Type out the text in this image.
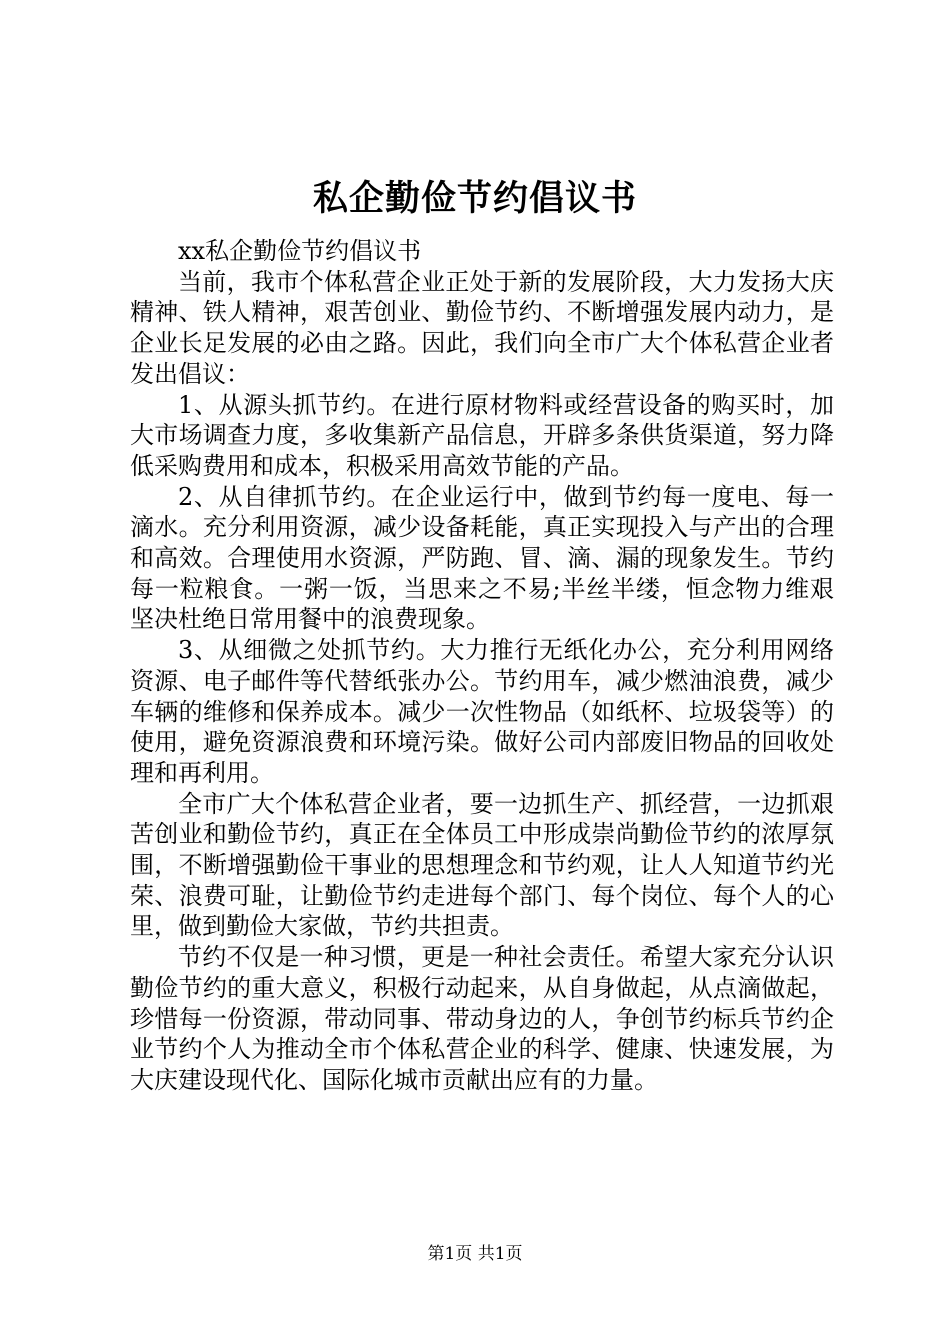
私企勤俭节约倡议书

xx私企勤俭节约倡议书

当前，我市个体私营企业正处于新的发展阶段，大力发扬大庆精神、铁人精神，艰苦创业、勤俭节约、不断增强发展内动力，是企业长足发展的必由之路。因此，我们向全市广大个体私营企业者发出倡议：

1、从源头抓节约。在进行原材物料或经营设备的购买时，加大市场调查力度，多收集新产品信息，开辟多条供货渠道，努力降低采购费用和成本，积极采用高效节能的产品。

2、从自律抓节约。在企业运行中，做到节约每一度电、每一滴水。充分利用资源，减少设备耗能，真正实现投入与产出的合理和高效。合理使用水资源，严防跑、冒、滴、漏的现象发生。节约每一粒粮食。一粥一饭，当思来之不易;半丝半缕，恒念物力维艰坚决杜绝日常用餐中的浪费现象。

3、从细微之处抓节约。大力推行无纸化办公，充分利用网络资源、电子邮件等代替纸张办公。节约用车，减少燃油浪费，减少车辆的维修和保养成本。减少一次性物品（如纸杯、垃圾袋等）的使用，避免资源浪费和环境污染。做好公司内部废旧物品的回收处理和再利用。

全市广大个体私营企业者，要一边抓生产、抓经营，一边抓艰苦创业和勤俭节约，真正在全体员工中形成崇尚勤俭节约的浓厚氛围，不断增强勤俭干事业的思想理念和节约观，让人人知道节约光荣、浪费可耻，让勤俭节约走进每个部门、每个岗位、每个人的心里，做到勤俭大家做，节约共担责。

节约不仅是一种习惯，更是一种社会责任。希望大家充分认识勤俭节约的重大意义，积极行动起来，从自身做起，从点滴做起，珍惜每一份资源，带动同事、带动身边的人，争创节约标兵节约企业节约个人为推动全市个体私营企业的科学、健康、快速发展，为大庆建设现代化、国际化城市贡献出应有的力量。

第1页 共1页
